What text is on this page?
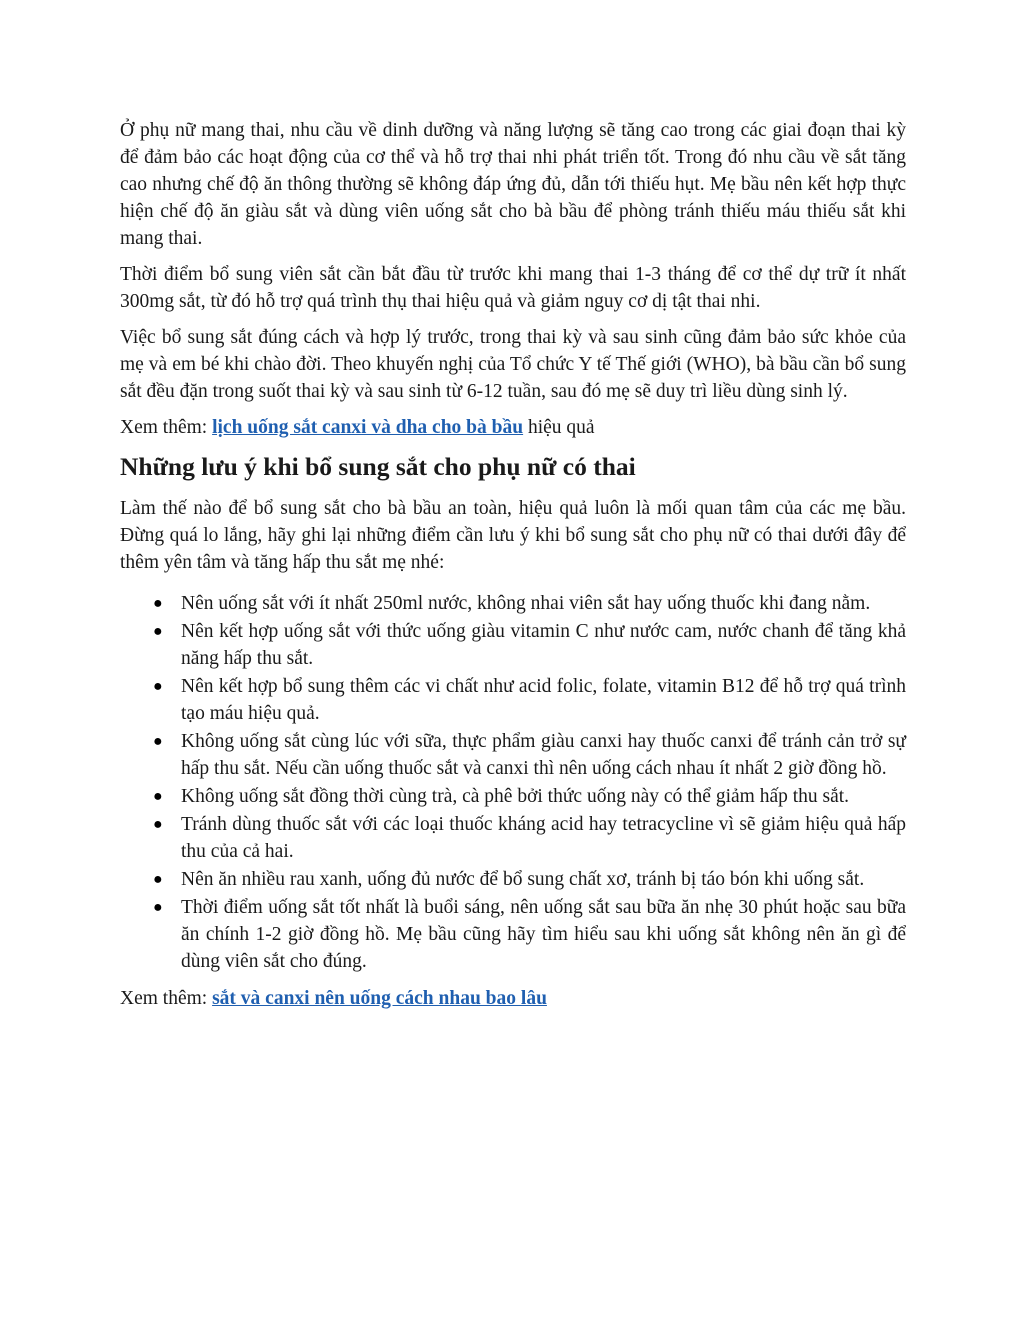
Ở phụ nữ mang thai, nhu cầu về dinh dưỡng và năng lượng sẽ tăng cao trong các giai đoạn thai kỳ để đảm bảo các hoạt động của cơ thể và hỗ trợ thai nhi phát triển tốt. Trong đó nhu cầu về sắt tăng cao nhưng chế độ ăn thông thường sẽ không đáp ứng đủ, dẫn tới thiếu hụt. Mẹ bầu nên kết hợp thực hiện chế độ ăn giàu sắt và dùng viên uống sắt cho bà bầu để phòng tránh thiếu máu thiếu sắt khi mang thai.

Thời điểm bổ sung viên sắt cần bắt đầu từ trước khi mang thai 1-3 tháng để cơ thể dự trữ ít nhất 300mg sắt, từ đó hỗ trợ quá trình thụ thai hiệu quả và giảm nguy cơ dị tật thai nhi.

Việc bổ sung sắt đúng cách và hợp lý trước, trong thai kỳ và sau sinh cũng đảm bảo sức khỏe của mẹ và em bé khi chào đời. Theo khuyến nghị của Tổ chức Y tế Thế giới (WHO), bà bầu cần bổ sung sắt đều đặn trong suốt thai kỳ và sau sinh từ 6-12 tuần, sau đó mẹ sẽ duy trì liều dùng sinh lý.

Xem thêm: lịch uống sắt canxi và dha cho bà bầu hiệu quả

Những lưu ý khi bổ sung sắt cho phụ nữ có thai

Làm thế nào để bổ sung sắt cho bà bầu an toàn, hiệu quả luôn là mối quan tâm của các mẹ bầu. Đừng quá lo lắng, hãy ghi lại những điểm cần lưu ý khi bổ sung sắt cho phụ nữ có thai dưới đây để thêm yên tâm và tăng hấp thu sắt mẹ nhé:

● Nên uống sắt với ít nhất 250ml nước, không nhai viên sắt hay uống thuốc khi đang nằm.
● Nên kết hợp uống sắt với thức uống giàu vitamin C như nước cam, nước chanh để tăng khả năng hấp thu sắt.
● Nên kết hợp bổ sung thêm các vi chất như acid folic, folate, vitamin B12 để hỗ trợ quá trình tạo máu hiệu quả.
● Không uống sắt cùng lúc với sữa, thực phẩm giàu canxi hay thuốc canxi để tránh cản trở sự hấp thu sắt. Nếu cần uống thuốc sắt và canxi thì nên uống cách nhau ít nhất 2 giờ đồng hồ.
● Không uống sắt đồng thời cùng trà, cà phê bởi thức uống này có thể giảm hấp thu sắt.
● Tránh dùng thuốc sắt với các loại thuốc kháng acid hay tetracycline vì sẽ giảm hiệu quả hấp thu của cả hai.
● Nên ăn nhiều rau xanh, uống đủ nước để bổ sung chất xơ, tránh bị táo bón khi uống sắt.
● Thời điểm uống sắt tốt nhất là buổi sáng, nên uống sắt sau bữa ăn nhẹ 30 phút hoặc sau bữa ăn chính 1-2 giờ đồng hồ. Mẹ bầu cũng hãy tìm hiểu sau khi uống sắt không nên ăn gì để dùng viên sắt cho đúng.

Xem thêm: sắt và canxi nên uống cách nhau bao lâu
